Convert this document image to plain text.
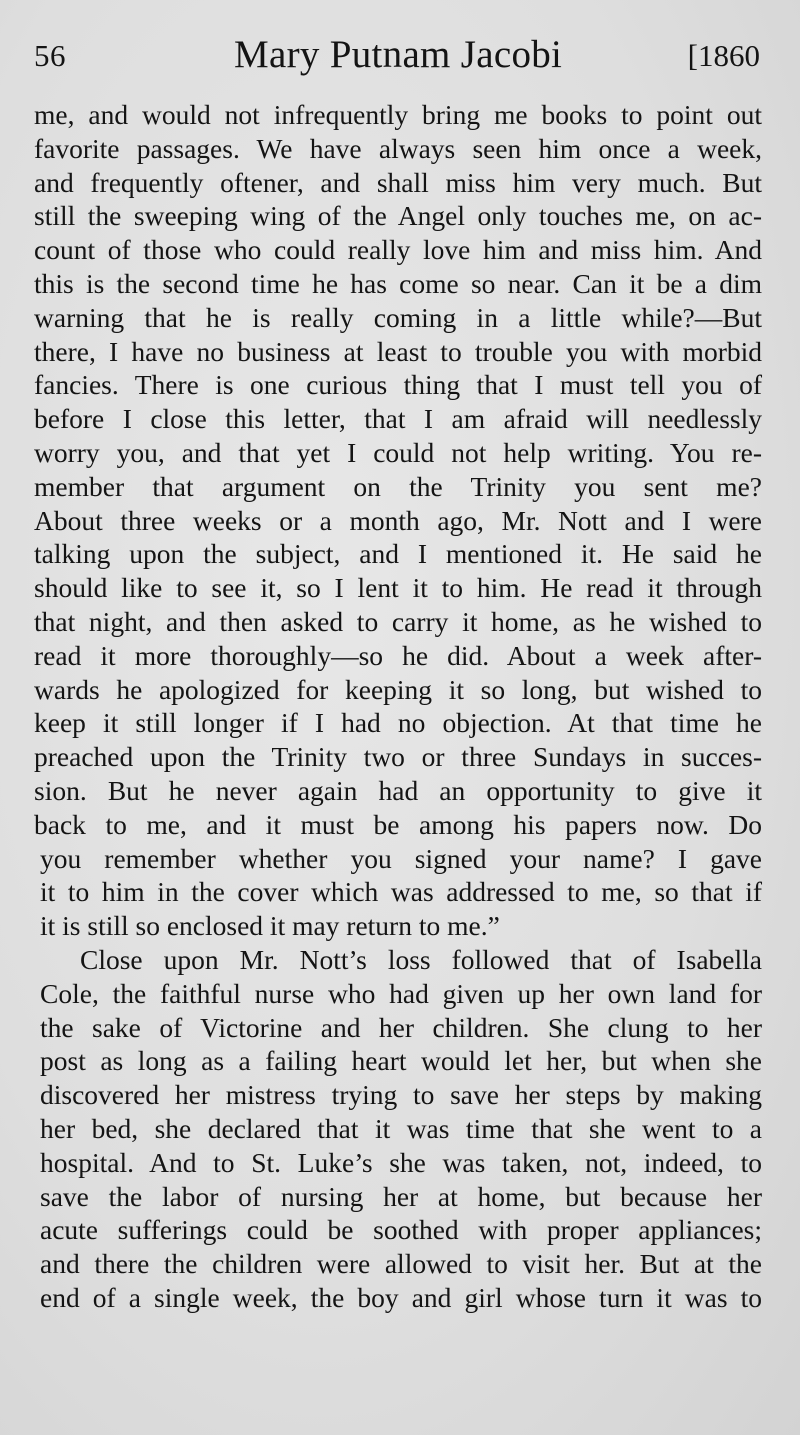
56	Mary Putnam Jacobi	[1860
me, and would not infrequently bring me books to point out
favorite passages. We have always seen him once a week,
and frequently oftener, and shall miss him very much. But
still the sweeping wing of the Angel only touches me, on ac-
count of those who could really love him and miss him. And
this is the second time he has come so near. Can it be a dim
warning that he is really coming in a little while?—But
there, I have no business at least to trouble you with morbid
fancies. There is one curious thing that I must tell you of
before I close this letter, that I am afraid will needlessly
worry you, and that yet I could not help writing. You re-
member that argument on the Trinity you sent me?
About three weeks or a month ago, Mr. Nott and I were
talking upon the subject, and I mentioned it. He said he
should like to see it, so I lent it to him. He read it through
that night, and then asked to carry it home, as he wished to
read it more thoroughly—so he did. About a week after-
wards he apologized for keeping it so long, but wished to
keep it still longer if I had no objection. At that time he
preached upon the Trinity two or three Sundays in succes-
sion. But he never again had an opportunity to give it
back to me, and it must be among his papers now. Do
you remember whether you signed your name? I gave
it to him in the cover which was addressed to me, so that if
it is still so enclosed it may return to me.”
Close upon Mr. Nott’s loss followed that of Isabella
Cole, the faithful nurse who had given up her own land for
the sake of Victorine and her children. She clung to her
post as long as a failing heart would let her, but when she
discovered her mistress trying to save her steps by making
her bed, she declared that it was time that she went to a
hospital. And to St. Luke’s she was taken, not, indeed, to
save the labor of nursing her at home, but because her
acute sufferings could be soothed with proper appliances;
and there the children were allowed to visit her. But at the
end of a single week, the boy and girl whose turn it was to
